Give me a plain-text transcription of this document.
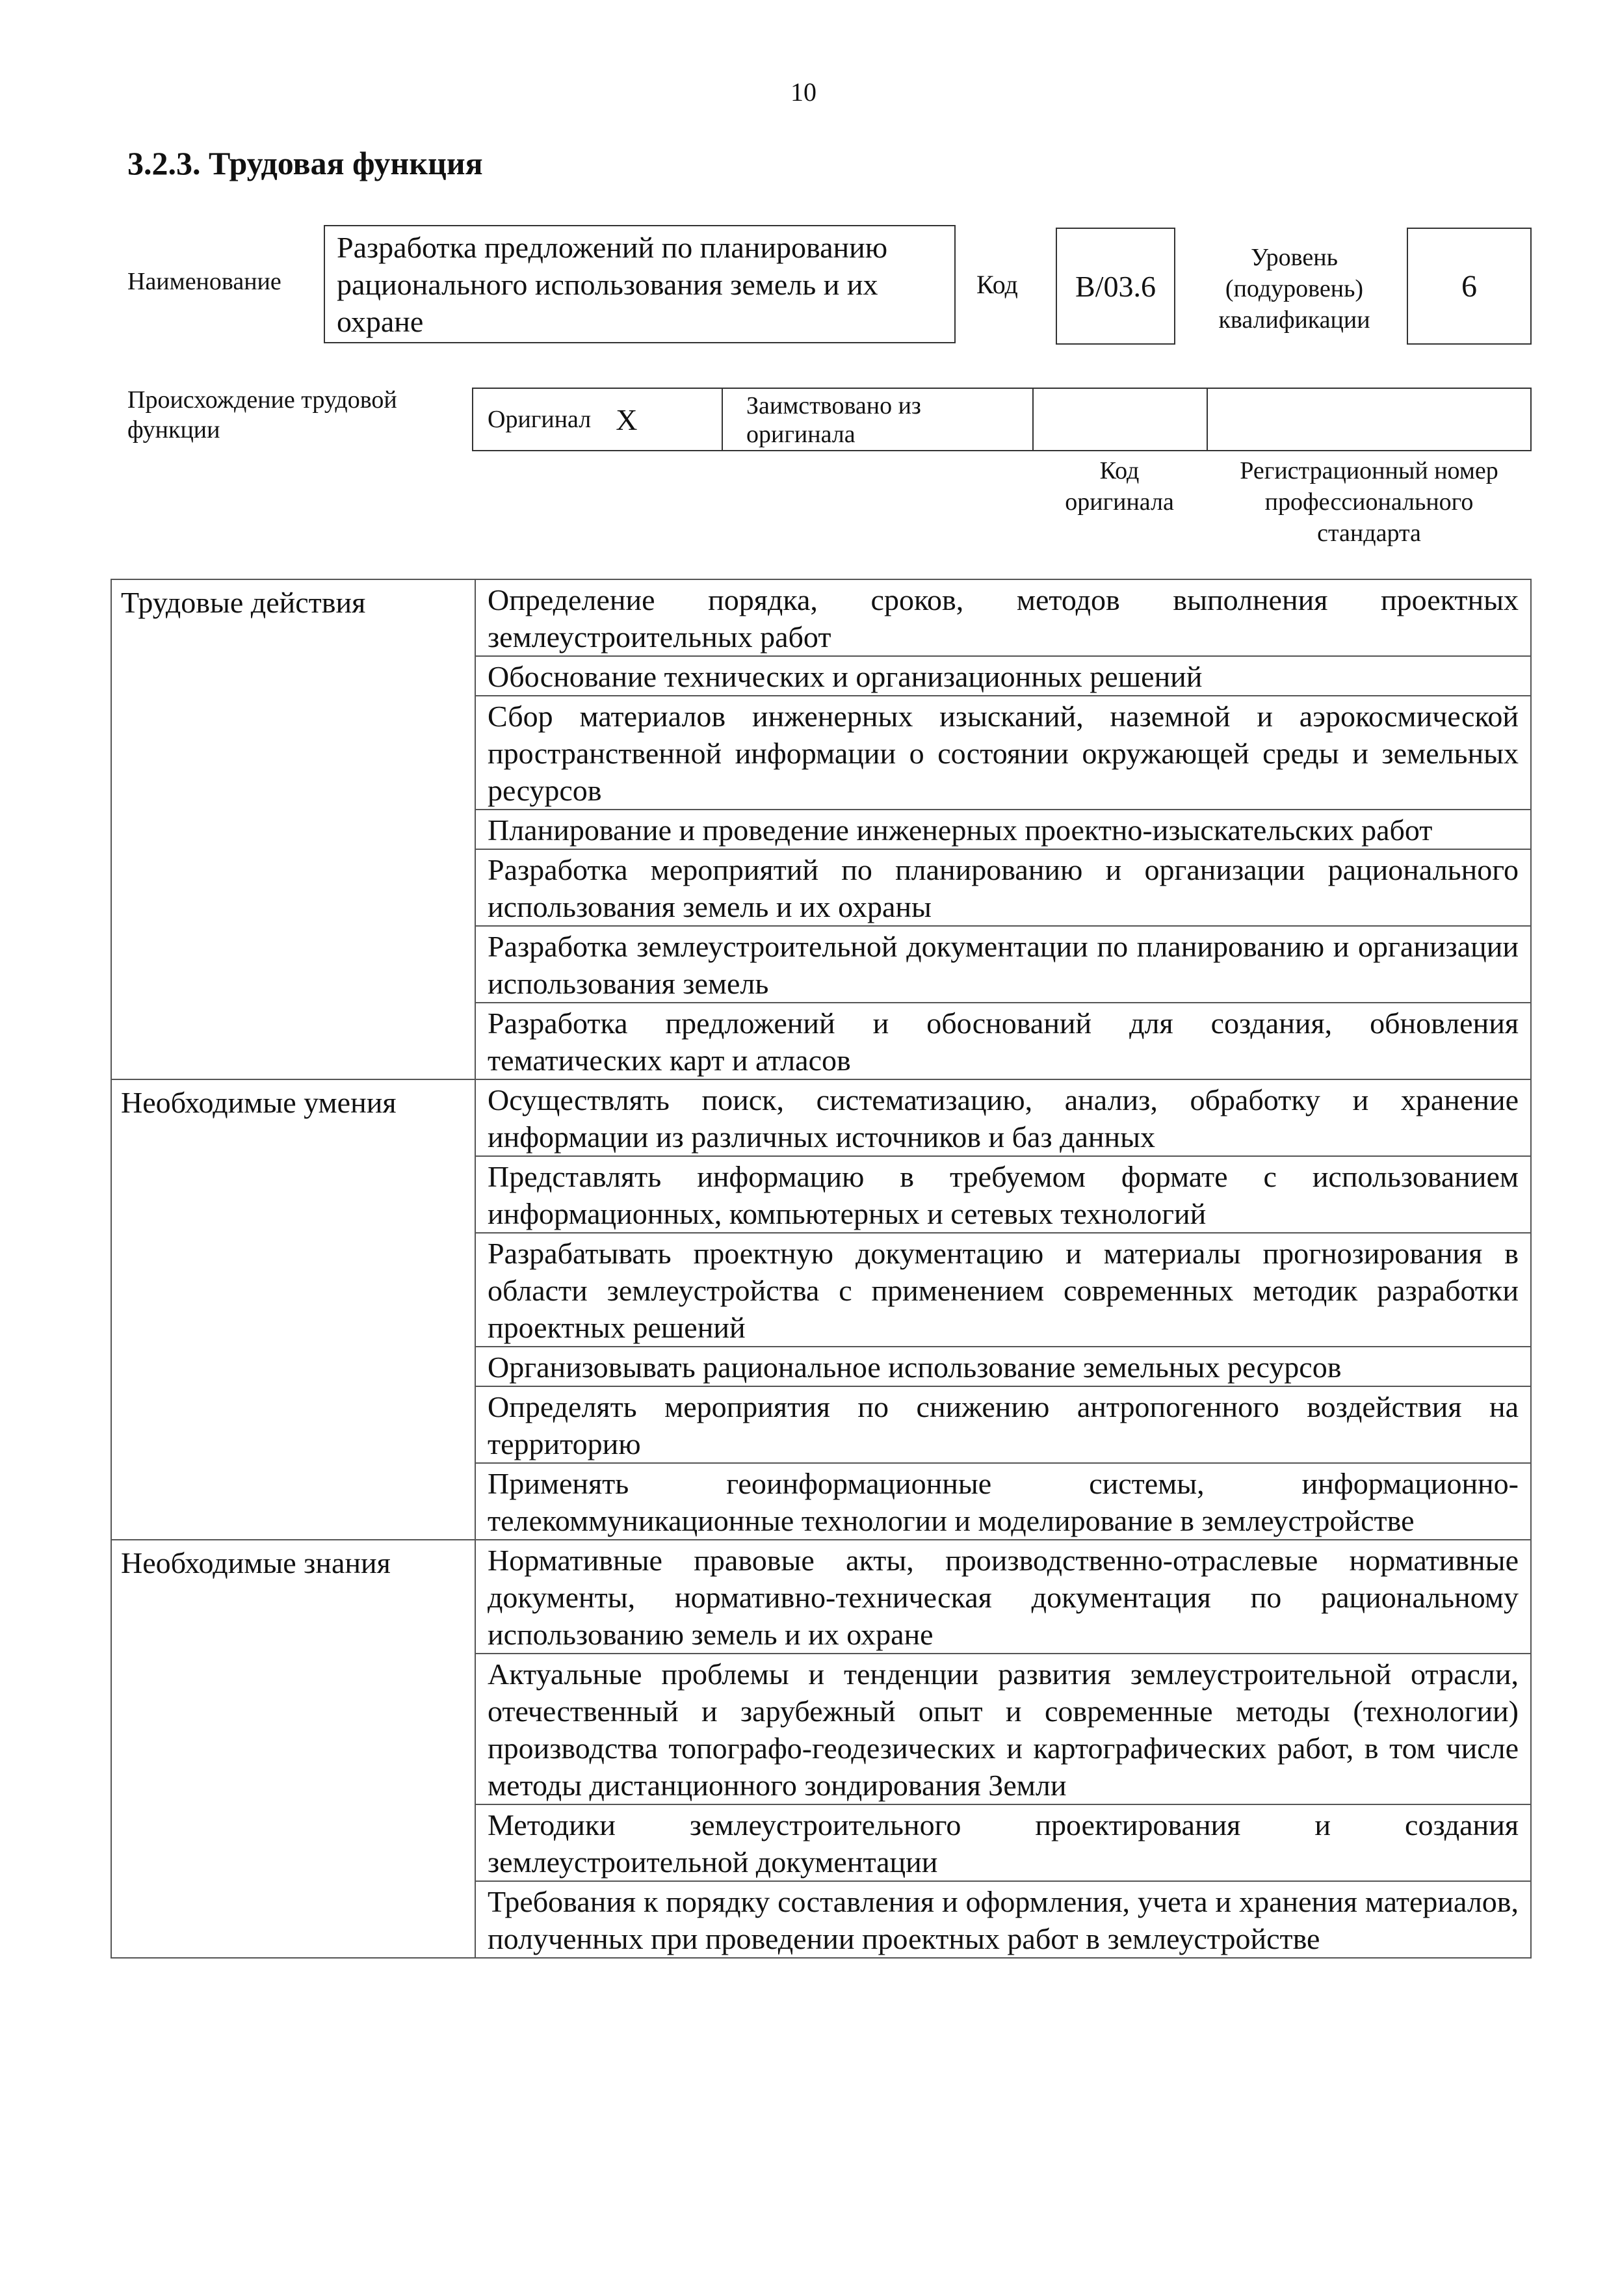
10
3.2.3. Трудовая функция
Наименование
Разработка предложений по планированию рационального использования земель и их охране
Код B/03.6
Уровень
(подуровень)
квалификации
6
Происхождение трудовой
функции	Оригинал X	Заимствовано из
оригинала
Код
оригинала
Регистрационный номер
профессионального
стандарта
Трудовые действия	Определение порядка, сроков, методов выполнения проектных землеустроительных работ
	Обоснование технических и организационных решений
	Сбор материалов инженерных изысканий, наземной и аэрокосмической пространственной информации о состоянии окружающей среды и земельных ресурсов
	Планирование и проведение инженерных проектно-изыскательских работ
	Разработка мероприятий по планированию и организации рационального использования земель и их охраны
	Разработка землеустроительной документации по планированию и организации использования земель
	Разработка предложений и обоснований для создания, обновления тематических карт и атласов
Необходимые умения	Осуществлять поиск, систематизацию, анализ, обработку и хранение информации из различных источников и баз данных
	Представлять информацию в требуемом формате с использованием информационных, компьютерных и сетевых технологий
	Разрабатывать проектную документацию и материалы прогнозирования в области землеустройства с применением современных методик разработки проектных решений
	Организовывать рациональное использование земельных ресурсов
	Определять мероприятия по снижению антропогенного воздействия на территорию
	Применять геоинформационные системы, информационно-телекоммуникационные технологии и моделирование в землеустройстве
Необходимые знания	Нормативные правовые акты, производственно-отраслевые нормативные документы, нормативно-техническая документация по рациональному использованию земель и их охране
	Актуальные проблемы и тенденции развития землеустроительной отрасли, отечественный и зарубежный опыт и современные методы (технологии) производства топографо-геодезических и картографических работ, в том числе методы дистанционного зондирования Земли
	Методики землеустроительного проектирования и создания землеустроительной документации
	Требования к порядку составления и оформления, учета и хранения материалов, полученных при проведении проектных работ в землеустройстве
